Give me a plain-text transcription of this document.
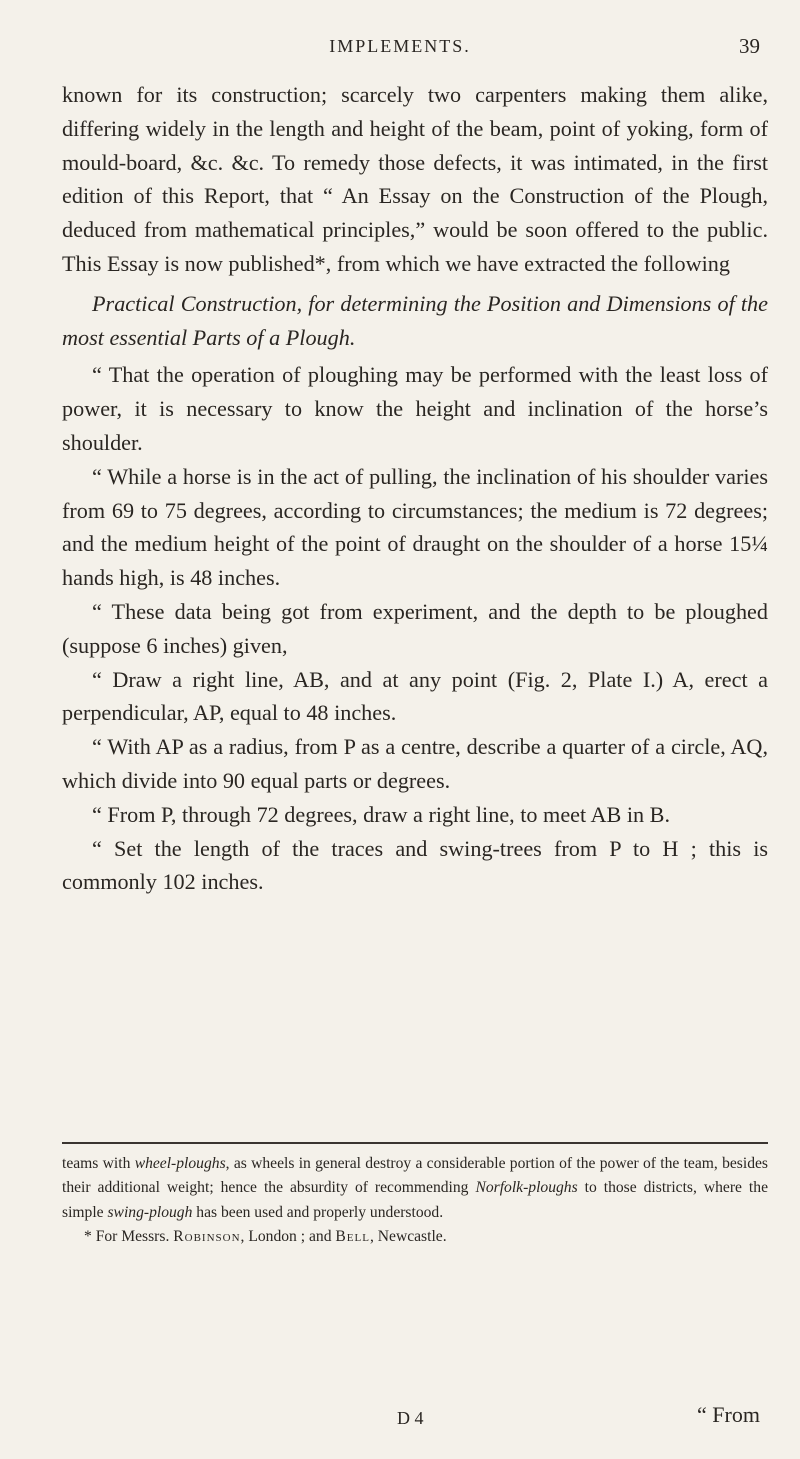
IMPLEMENTS.	39

known for its construction; scarcely two carpenters making them alike, differing widely in the length and height of the beam, point of yoking, form of mould-board, &c. &c. To remedy those defects, it was intimated, in the first edition of this Report, that “ An Essay on the Construction of the Plough, deduced from mathematical principles,” would be soon offered to the public. This Essay is now published*, from which we have extracted the following

Practical Construction, for determining the Position and Dimensions of the most essential Parts of a Plough.

“ That the operation of ploughing may be performed with the least loss of power, it is necessary to know the height and inclination of the horse’s shoulder.

“ While a horse is in the act of pulling, the inclination of his shoulder varies from 69 to 75 degrees, according to circumstances; the medium is 72 degrees; and the medium height of the point of draught on the shoulder of a horse 15¼ hands high, is 48 inches.

“ These data being got from experiment, and the depth to be ploughed (suppose 6 inches) given,

“ Draw a right line, AB, and at any point (Fig. 2, Plate I.) A, erect a perpendicular, AP, equal to 48 inches.

“ With AP as a radius, from P as a centre, describe a quarter of a circle, AQ, which divide into 90 equal parts or degrees.

“ From P, through 72 degrees, draw a right line, to meet AB in B.

“ Set the length of the traces and swing-trees from P to H ; this is commonly 102 inches.

teams with wheel-ploughs, as wheels in general destroy a considerable portion of the power of the team, besides their additional weight; hence the absurdity of recommending Norfolk-ploughs to those districts, where the simple swing-plough has been used and properly understood.

* For Messrs. Robinson, London ; and Bell, Newcastle.

D 4	“ From
